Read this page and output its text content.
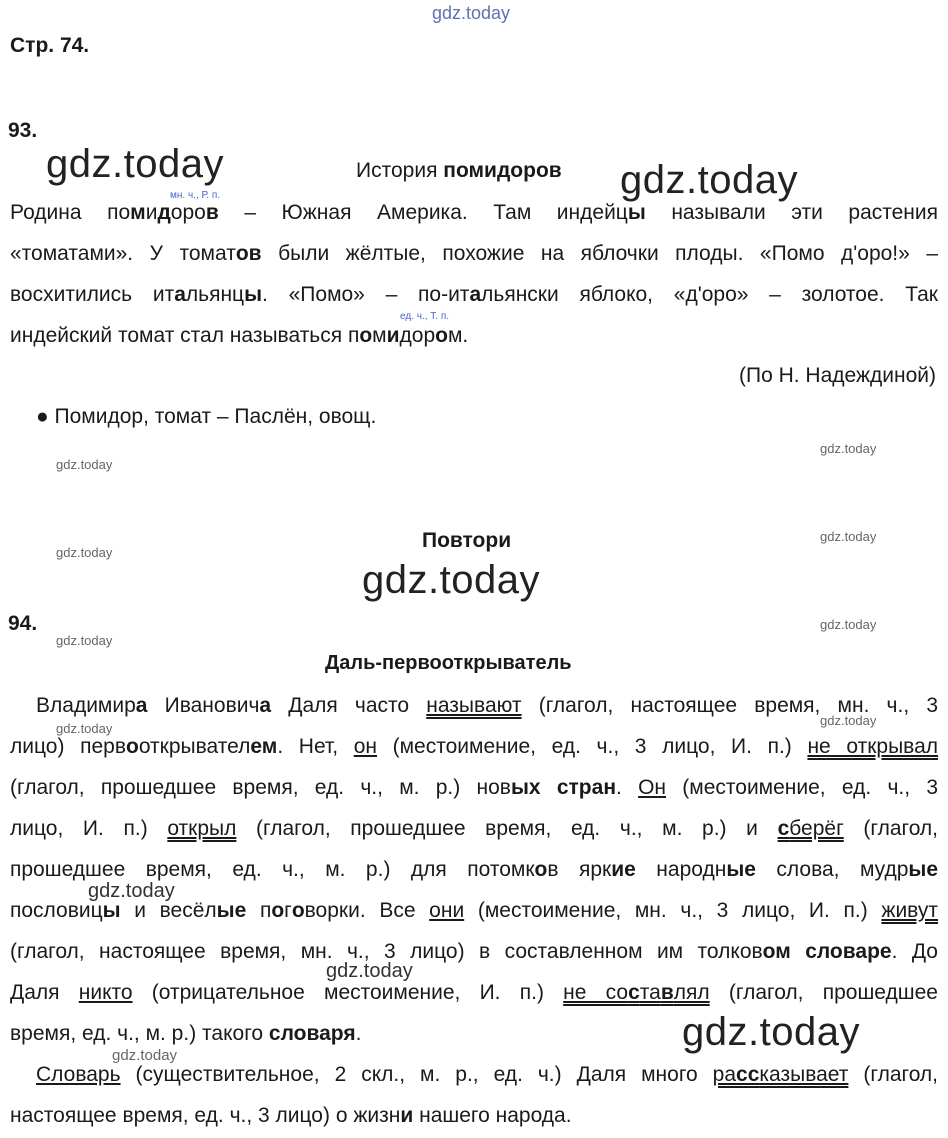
gdz.today
gdz.today	gdz.today
gdz.today
gdz.today
gdz.today
gdz.today
gdz.today
gdz.today
gdz.today
gdz.today
gdz.today
gdz.today
gdz.today
gdz.today
gdz.today
Стр. 74.
93.
История помидоров
мн. ч., Р. п.
Родина помидоров – Южная Америка. Там индейцы называли эти растения
«томатами». У томатов были жёлтые, похожие на яблочки плоды. «Помо д'оро!» –
восхитились итальянцы. «Помо» – по-итальянски яблоко, «д'оро» – золотое. Так
ед. ч., Т. п.
индейский томат стал называться помидором.
(По Н. Надеждиной)
● Помидор, томат – Паслён, овощ.
Повтори
94.
Даль-первооткрыватель
Владимира Ивановича Даля часто называют (глагол, настоящее время, мн. ч., 3
лицо) первооткрывателем. Нет, он (местоимение, ед. ч., 3 лицо, И. п.) не открывал
(глагол, прошедшее время, ед. ч., м. р.) новых стран. Он (местоимение, ед. ч., 3
лицо, И. п.) открыл (глагол, прошедшее время, ед. ч., м. р.) и сберёг (глагол,
прошедшее время, ед. ч., м. р.) для потомков яркие народные слова, мудрые
пословицы и весёлые поговорки. Все они (местоимение, мн. ч., 3 лицо, И. п.) живут
(глагол, настоящее время, мн. ч., 3 лицо) в составленном им толковом словаре. До
Даля никто (отрицательное местоимение, И. п.) не составлял (глагол, прошедшее
время, ед. ч., м. р.) такого словаря.
Словарь (существительное, 2 скл., м. р., ед. ч.) Даля много рассказывает (глагол,
настоящее время, ед. ч., 3 лицо) о жизни нашего народа.
